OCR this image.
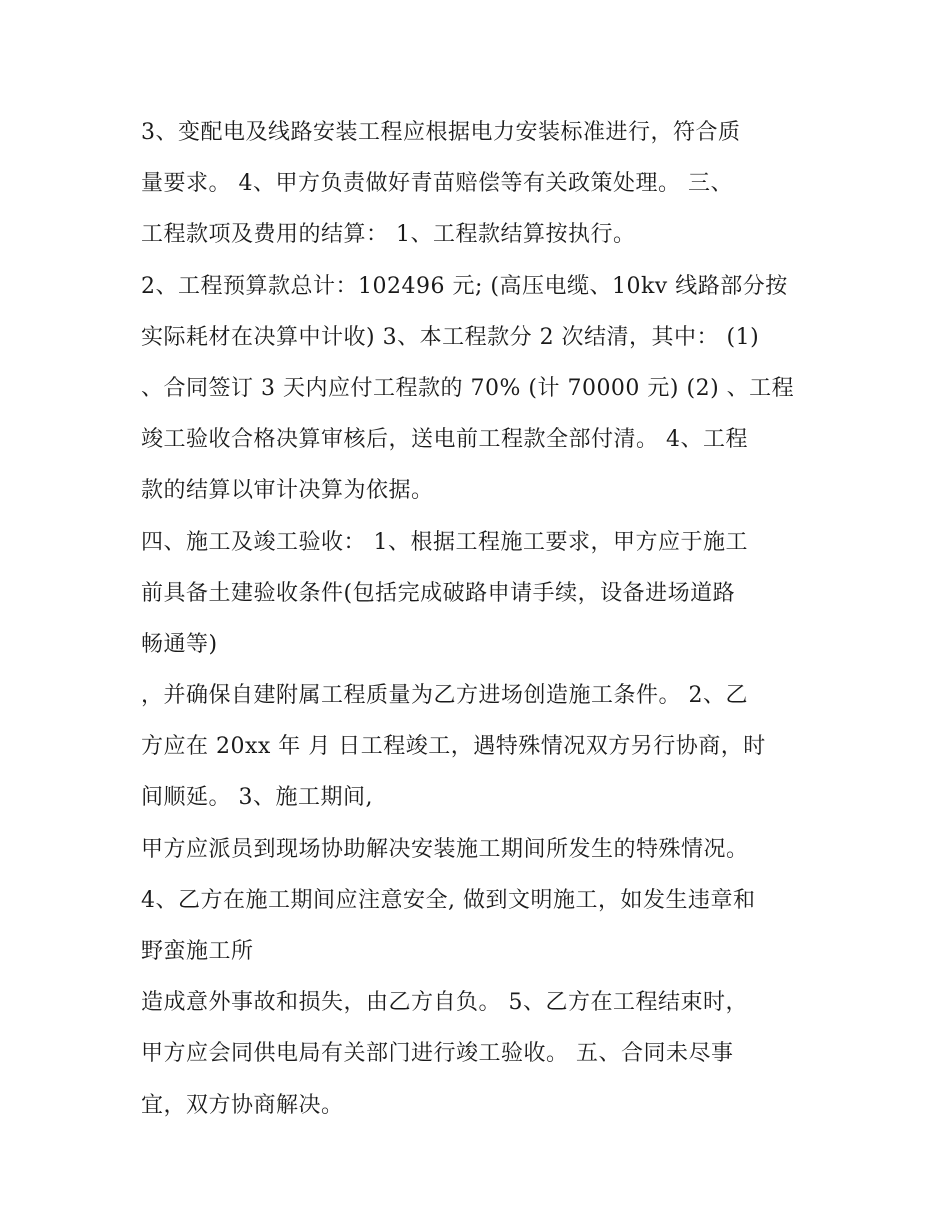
3、变配电及线路安装工程应根据电力安装标准进行，符合质
量要求。 4、甲方负责做好青苗赔偿等有关政策处理。 三、
工程款项及费用的结算： 1、工程款结算按执行。
2、工程预算款总计：102496 元; (高压电缆、10kv 线路部分按
实际耗材在决算中计收) 3、本工程款分 2 次结清，其中： (1)
、合同签订 3 天内应付工程款的 70% (计 70000 元) (2) 、工程
竣工验收合格决算审核后，送电前工程款全部付清。 4、工程
款的结算以审计决算为依据。
四、施工及竣工验收： 1、根据工程施工要求，甲方应于施工
前具备土建验收条件(包括完成破路申请手续，设备进场道路
畅通等)
，并确保自建附属工程质量为乙方进场创造施工条件。 2、乙
方应在 20xx 年 月 日工程竣工，遇特殊情况双方另行协商，时
间顺延。 3、施工期间,
甲方应派员到现场协助解决安装施工期间所发生的特殊情况。
4、乙方在施工期间应注意安全, 做到文明施工，如发生违章和
野蛮施工所
造成意外事故和损失，由乙方自负。 5、乙方在工程结束时，
甲方应会同供电局有关部门进行竣工验收。 五、合同未尽事
宜，双方协商解决。
